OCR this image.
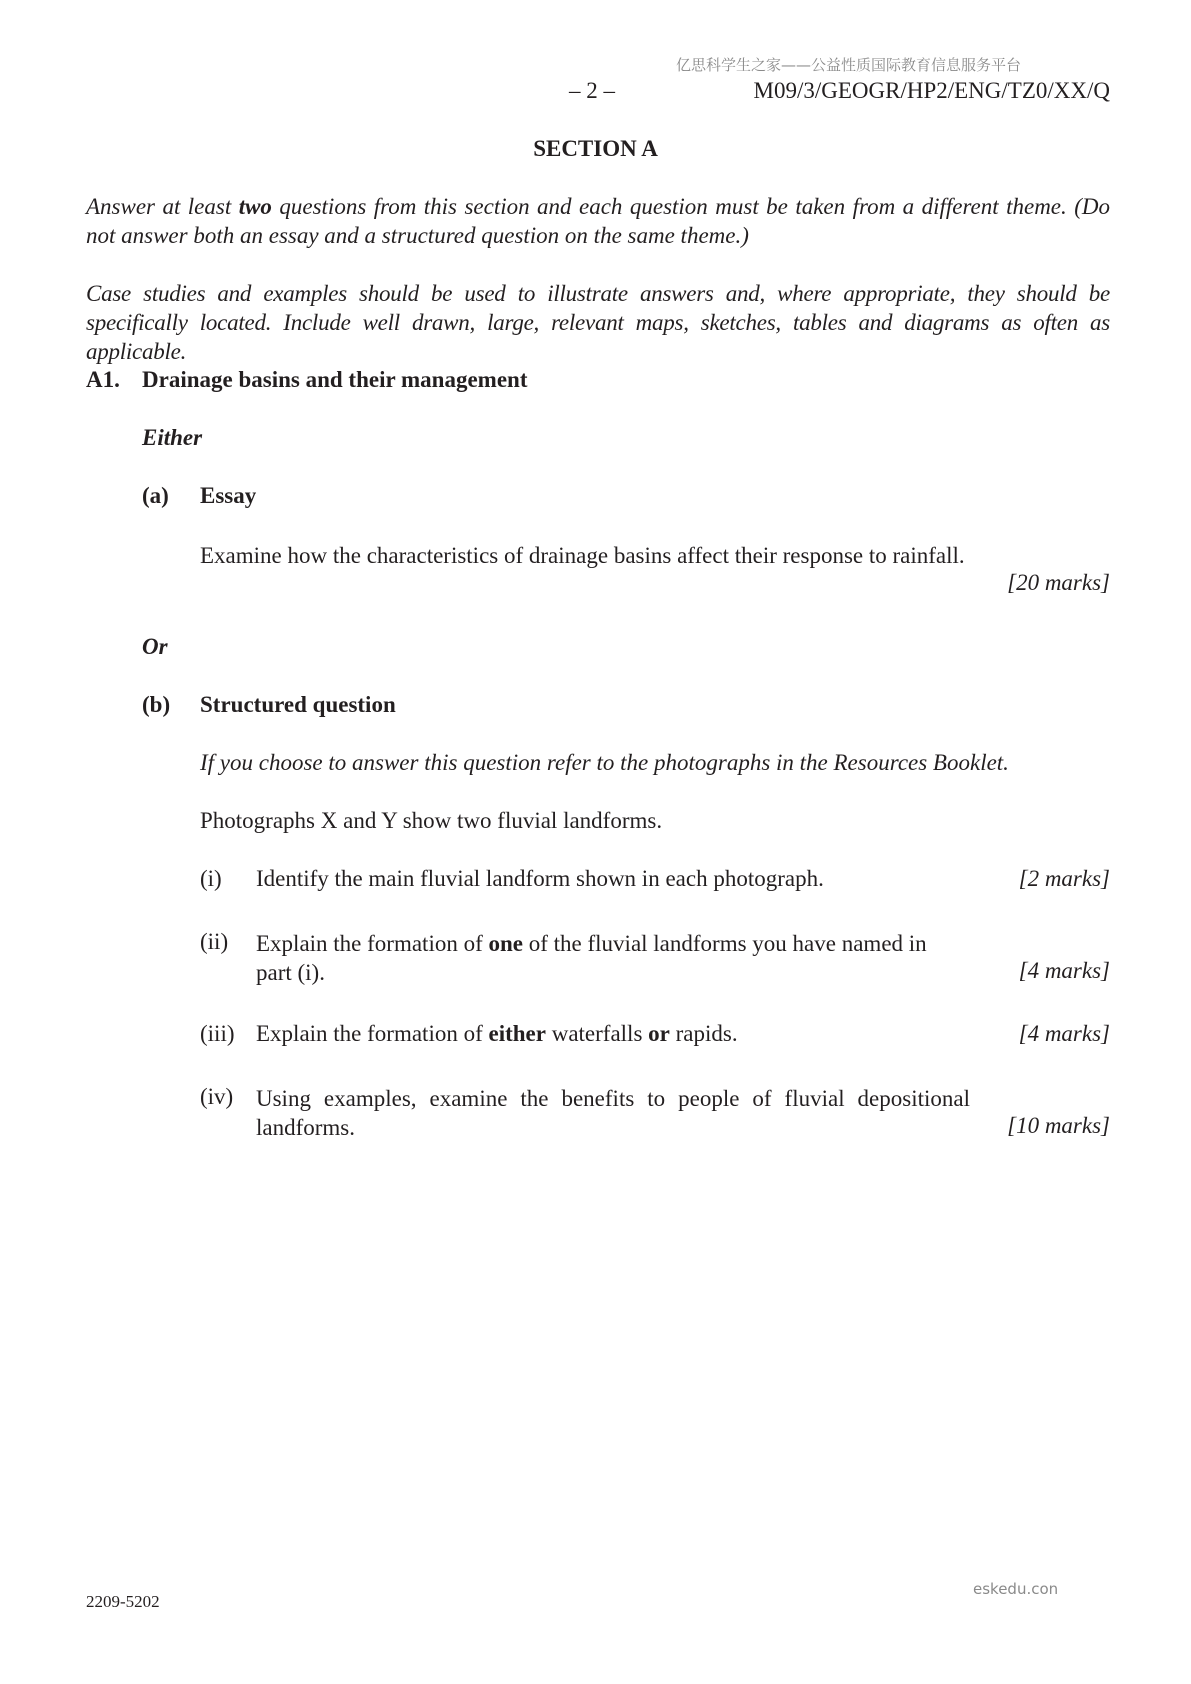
亿思科学生之家——公益性质国际教育信息服务平台
– 2 –	M09/3/GEOGR/HP2/ENG/TZ0/XX/Q
SECTION A
Answer at least two questions from this section and each question must be taken from a different theme. (Do not answer both an essay and a structured question on the same theme.)
Case studies and examples should be used to illustrate answers and, where appropriate, they should be specifically located. Include well drawn, large, relevant maps, sketches, tables and diagrams as often as applicable.
A1. Drainage basins and their management
Either
(a) Essay
Examine how the characteristics of drainage basins affect their response to rainfall.
[20 marks]
Or
(b) Structured question
If you choose to answer this question refer to the photographs in the Resources Booklet.
Photographs X and Y show two fluvial landforms.
(i) Identify the main fluvial landform shown in each photograph.	[2 marks]
(ii) Explain the formation of one of the fluvial landforms you have named in part (i).	[4 marks]
(iii) Explain the formation of either waterfalls or rapids.	[4 marks]
(iv) Using examples, examine the benefits to people of fluvial depositional landforms.	[10 marks]
eskedu.con
2209-5202
